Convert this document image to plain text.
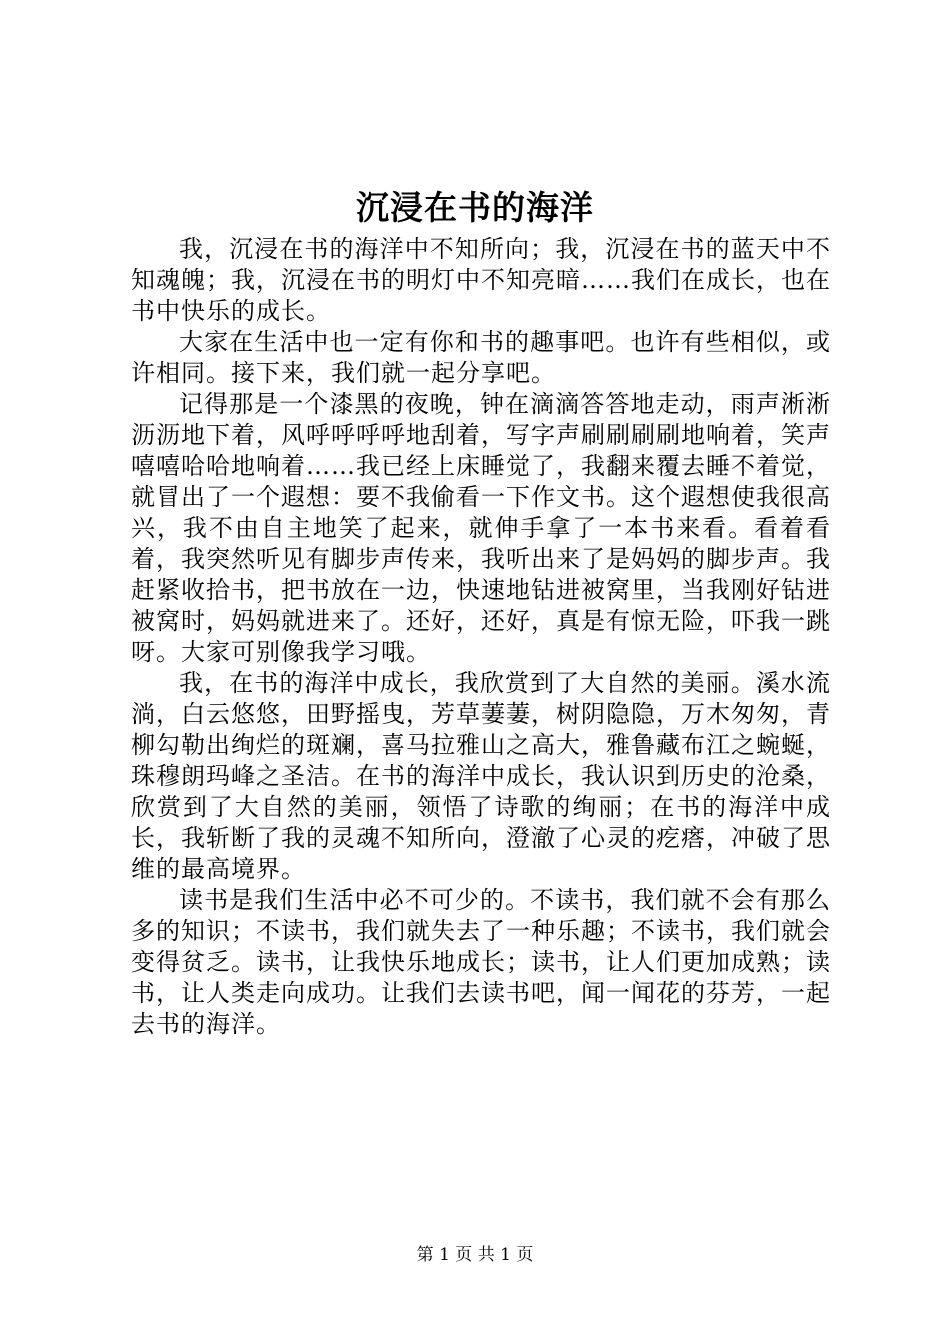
沉浸在书的海洋

我，沉浸在书的海洋中不知所向；我，沉浸在书的蓝天中不知魂魄；我，沉浸在书的明灯中不知亮暗……我们在成长，也在书中快乐的成长。

大家在生活中也一定有你和书的趣事吧。也许有些相似，或许相同。接下来，我们就一起分享吧。

记得那是一个漆黑的夜晚，钟在滴滴答答地走动，雨声淅淅沥沥地下着，风呼呼呼呼地刮着，写字声刷刷刷刷地响着，笑声嘻嘻哈哈地响着……我已经上床睡觉了，我翻来覆去睡不着觉，就冒出了一个遐想：要不我偷看一下作文书。这个遐想使我很高兴，我不由自主地笑了起来，就伸手拿了一本书来看。看着看着，我突然听见有脚步声传来，我听出来了是妈妈的脚步声。我赶紧收拾书，把书放在一边，快速地钻进被窝里，当我刚好钻进被窝时，妈妈就进来了。还好，还好，真是有惊无险，吓我一跳呀。大家可别像我学习哦。

我，在书的海洋中成长，我欣赏到了大自然的美丽。溪水流淌，白云悠悠，田野摇曳，芳草萋萋，树阴隐隐，万木匆匆，青柳勾勒出绚烂的斑斓，喜马拉雅山之高大，雅鲁藏布江之蜿蜒，珠穆朗玛峰之圣洁。在书的海洋中成长，我认识到历史的沧桑，欣赏到了大自然的美丽，领悟了诗歌的绚丽；在书的海洋中成长，我斩断了我的灵魂不知所向，澄澈了心灵的疙瘩，冲破了思维的最高境界。

读书是我们生活中必不可少的。不读书，我们就不会有那么多的知识；不读书，我们就失去了一种乐趣；不读书，我们就会变得贫乏。读书，让我快乐地成长；读书，让人们更加成熟；读书，让人类走向成功。让我们去读书吧，闻一闻花的芬芳，一起去书的海洋。

第 1 页 共 1 页
